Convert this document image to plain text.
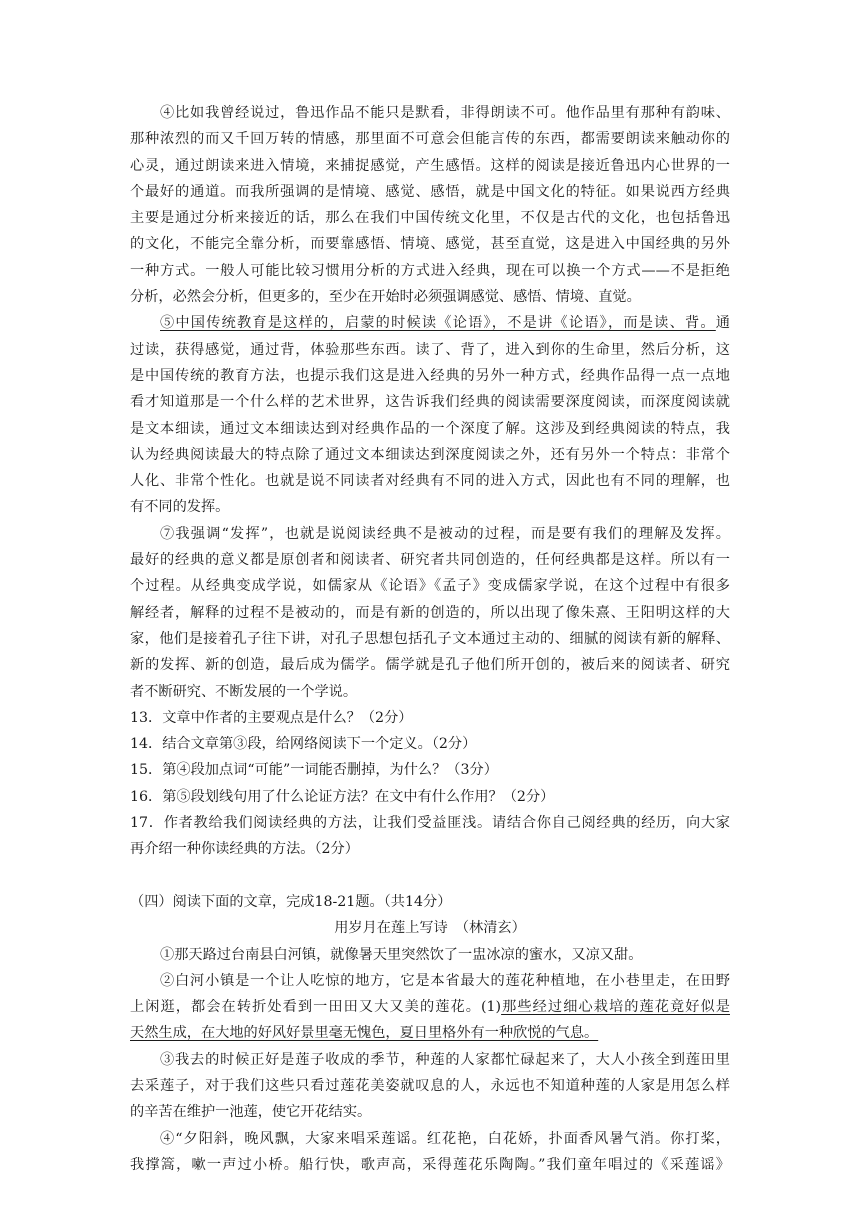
④比如我曾经说过，鲁迅作品不能只是默看，非得朗读不可。他作品里有那种有韵味、
那种浓烈的而又千回万转的情感，那里面不可意会但能言传的东西，都需要朗读来触动你的
心灵，通过朗读来进入情境，来捕捉感觉，产生感悟。这样的阅读是接近鲁迅内心世界的一
个最好的通道。而我所强调的是情境、感觉、感悟，就是中国文化的特征。如果说西方经典
主要是通过分析来接近的话，那么在我们中国传统文化里，不仅是古代的文化，也包括鲁迅
的文化，不能完全靠分析，而要靠感悟、情境、感觉，甚至直觉，这是进入中国经典的另外
一种方式。一般人可能比较习惯用分析的方式进入经典，现在可以换一个方式——不是拒绝
分析，必然会分析，但更多的，至少在开始时必须强调感觉、感悟、情境、直觉。
⑤中国传统教育是这样的，启蒙的时候读《论语》，不是讲《论语》，而是读、背。通
过读，获得感觉，通过背，体验那些东西。读了、背了，进入到你的生命里，然后分析，这
是中国传统的教育方法，也提示我们这是进入经典的另外一种方式，经典作品得一点一点地
看才知道那是一个什么样的艺术世界，这告诉我们经典的阅读需要深度阅读，而深度阅读就
是文本细读，通过文本细读达到对经典作品的一个深度了解。这涉及到经典阅读的特点，我
认为经典阅读最大的特点除了通过文本细读达到深度阅读之外，还有另外一个特点：非常个
人化、非常个性化。也就是说不同读者对经典有不同的进入方式，因此也有不同的理解，也
有不同的发挥。
⑦我强调“发挥”，也就是说阅读经典不是被动的过程，而是要有我们的理解及发挥。
最好的经典的意义都是原创者和阅读者、研究者共同创造的，任何经典都是这样。所以有一
个过程。从经典变成学说，如儒家从《论语》《孟子》变成儒家学说，在这个过程中有很多
解经者，解释的过程不是被动的，而是有新的创造的，所以出现了像朱熹、王阳明这样的大
家，他们是接着孔子往下讲，对孔子思想包括孔子文本通过主动的、细腻的阅读有新的解释、
新的发挥、新的创造，最后成为儒学。儒学就是孔子他们所开创的，被后来的阅读者、研究
者不断研究、不断发展的一个学说。
13．文章中作者的主要观点是什么？（2分）
14．结合文章第③段，给网络阅读下一个定义。（2分）
15．第④段加点词“可能”一词能否删掉，为什么？（3分）
16．第⑤段划线句用了什么论证方法？在文中有什么作用？（2分）
17．作者教给我们阅读经典的方法，让我们受益匪浅。请结合你自己阅经典的经历，向大家
再介绍一种你读经典的方法。（2分）
（四）阅读下面的文章，完成18-21题。（共14分）
用岁月在莲上写诗　（林清玄）
①那天路过台南县白河镇，就像暑天里突然饮了一盅冰凉的蜜水，又凉又甜。
②白河小镇是一个让人吃惊的地方，它是本省最大的莲花种植地，在小巷里走，在田野
上闲逛，都会在转折处看到一田田又大又美的莲花。(1)那些经过细心栽培的莲花竟好似是
天然生成，在大地的好风好景里毫无愧色，夏日里格外有一种欣悦的气息。
③我去的时候正好是莲子收成的季节，种莲的人家都忙碌起来了，大人小孩全到莲田里
去采莲子，对于我们这些只看过莲花美姿就叹息的人，永远也不知道种莲的人家是用怎么样
的辛苦在维护一池莲，使它开花结实。
④“夕阳斜，晚风飘，大家来唱采莲谣。红花艳，白花娇，扑面香风暑气消。你打桨，
我撑篙，嗽一声过小桥。船行快，歌声高，采得莲花乐陶陶。”我们童年唱过的《采莲谣》
